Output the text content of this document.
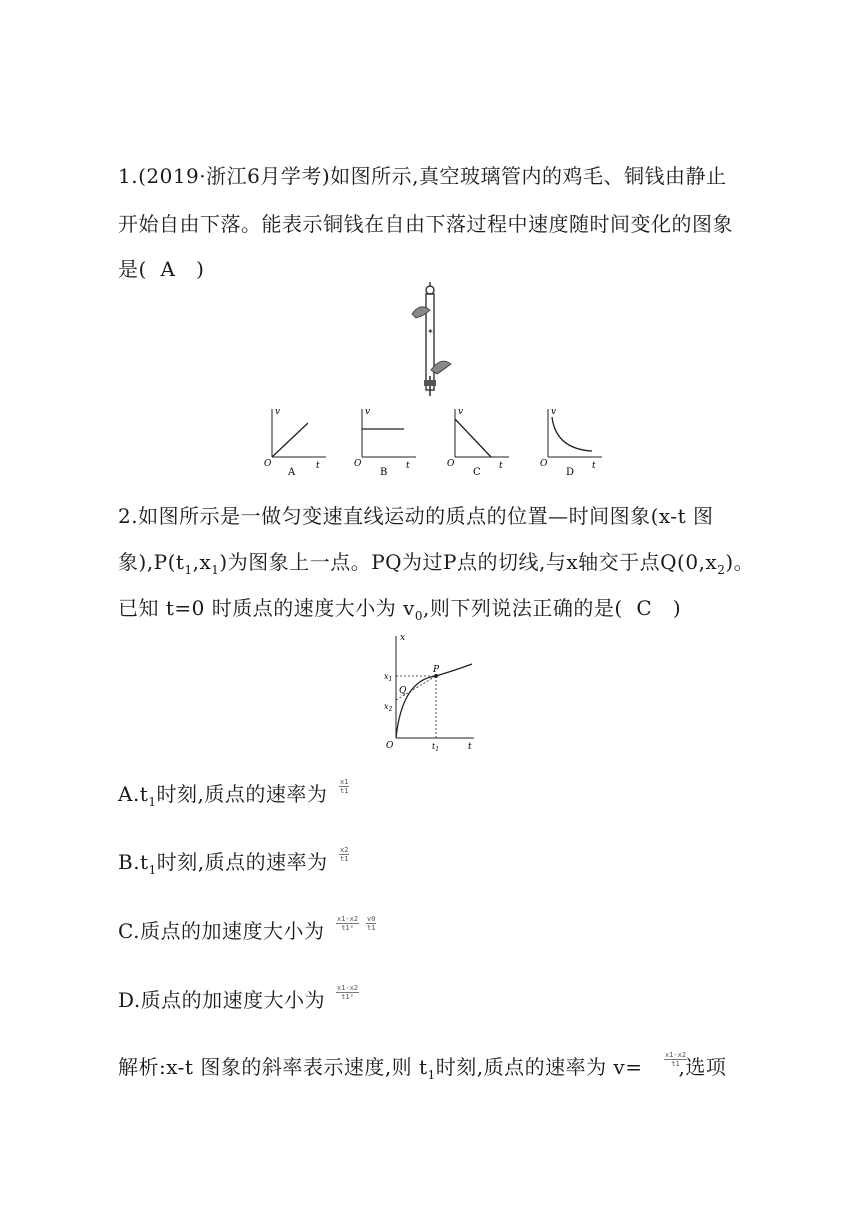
1.(2019·浙江6月学考)如图所示,真空玻璃管内的鸡毛、铜钱由静止
开始自由下落。能表示铜钱在自由下落过程中速度随时间变化的图象
是( A )
✶
v
t
O
A
v
t
O
B
v
t
O
C
v
t
O
D
2.如图所示是一做匀变速直线运动的质点的位置—时间图象(x-t 图
象)$,P(t_1,x_1)$为图象上一点。PQ为过P点的切线,与x轴交于点$Q(0,x_2)$。
已知 t=0 时质点的速度大小为 $v_0$,则下列说法正确的是( C )
x
t
O
$x_1$
$x_2$
$t_1$
P
Q
$A.t_1$时刻,质点的速率为 $\frac{x1}{t1}$
$B.t_1$时刻,质点的速率为 $\frac{x2}{t1}$
C.质点的加速度大小为 $\frac{x1-x2}{\text{t1²}} \frac{v0}{t1}$
D.质点的加速度大小为 $\frac{x1-x2}{\text{t1²}}$
解析:x-t 图象的斜率表示速度,则 $t_1$时刻,质点的速率为 v= ,选项
$\frac{x1-x2}{t1}$
